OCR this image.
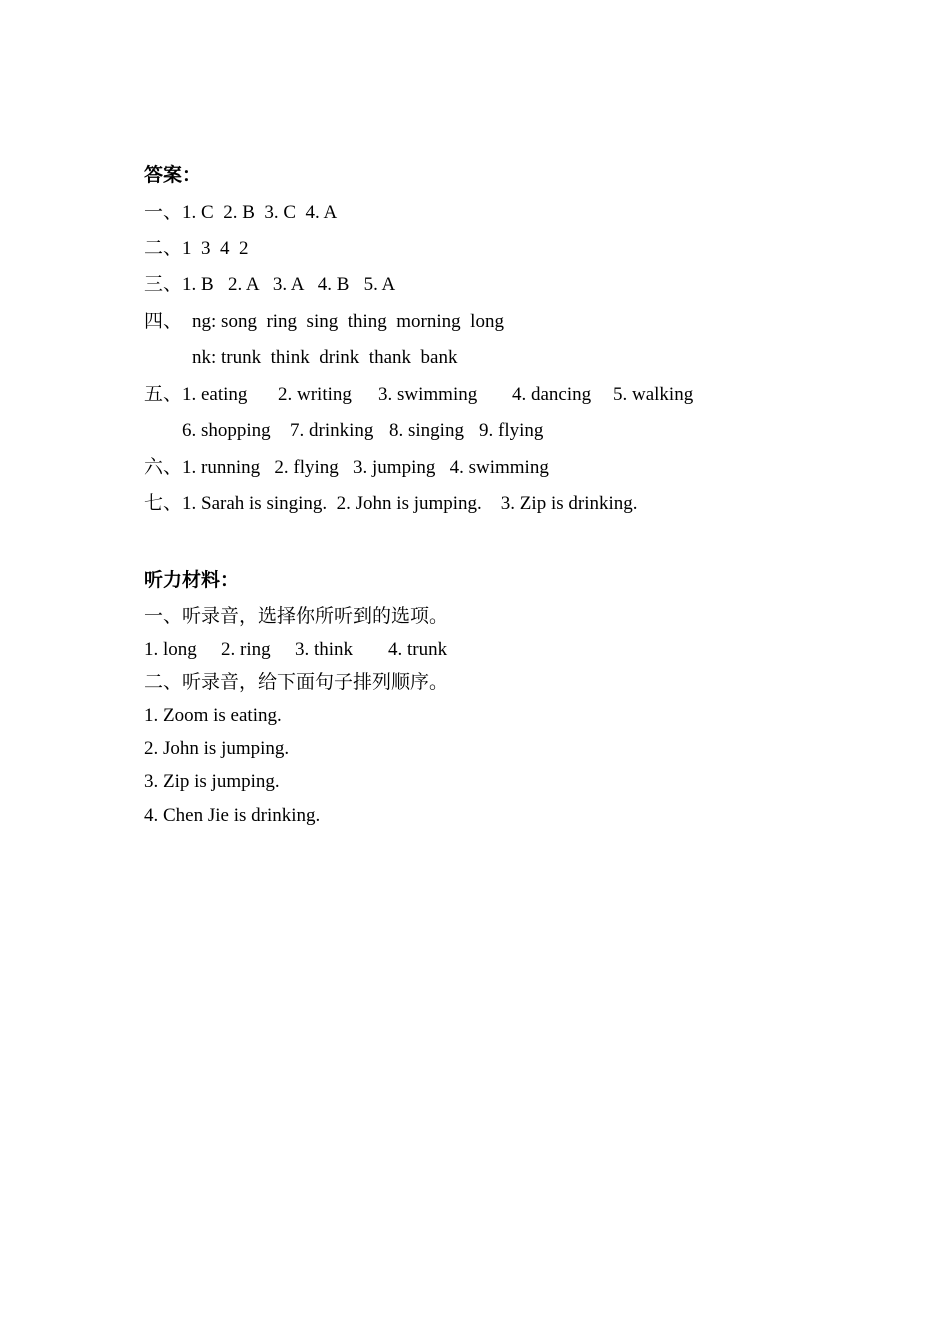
答案：
一、1. C  2. B  3. C  4. A
二、1  3  4  2
三、1. B   2. A   3. A   4. B   5. A
四、 ng: song  ring  sing  thing  morning  long
nk: trunk  think  drink  thank  bank
五、 1. eating 2. writing 3. swimming 4. dancing 5. walking
6. shopping 7. drinking 8. singing 9. flying
六、1. running   2. flying   3. jumping   4. swimming
七、1. Sarah is singing.  2. John is jumping.    3. Zip is drinking.
听力材料：
一、听录音，选择你所听到的选项。
1. long 2. ring 3. think 4. trunk
二、听录音，给下面句子排列顺序。
1. Zoom is eating.
2. John is jumping.
3. Zip is jumping.
4. Chen Jie is drinking.
